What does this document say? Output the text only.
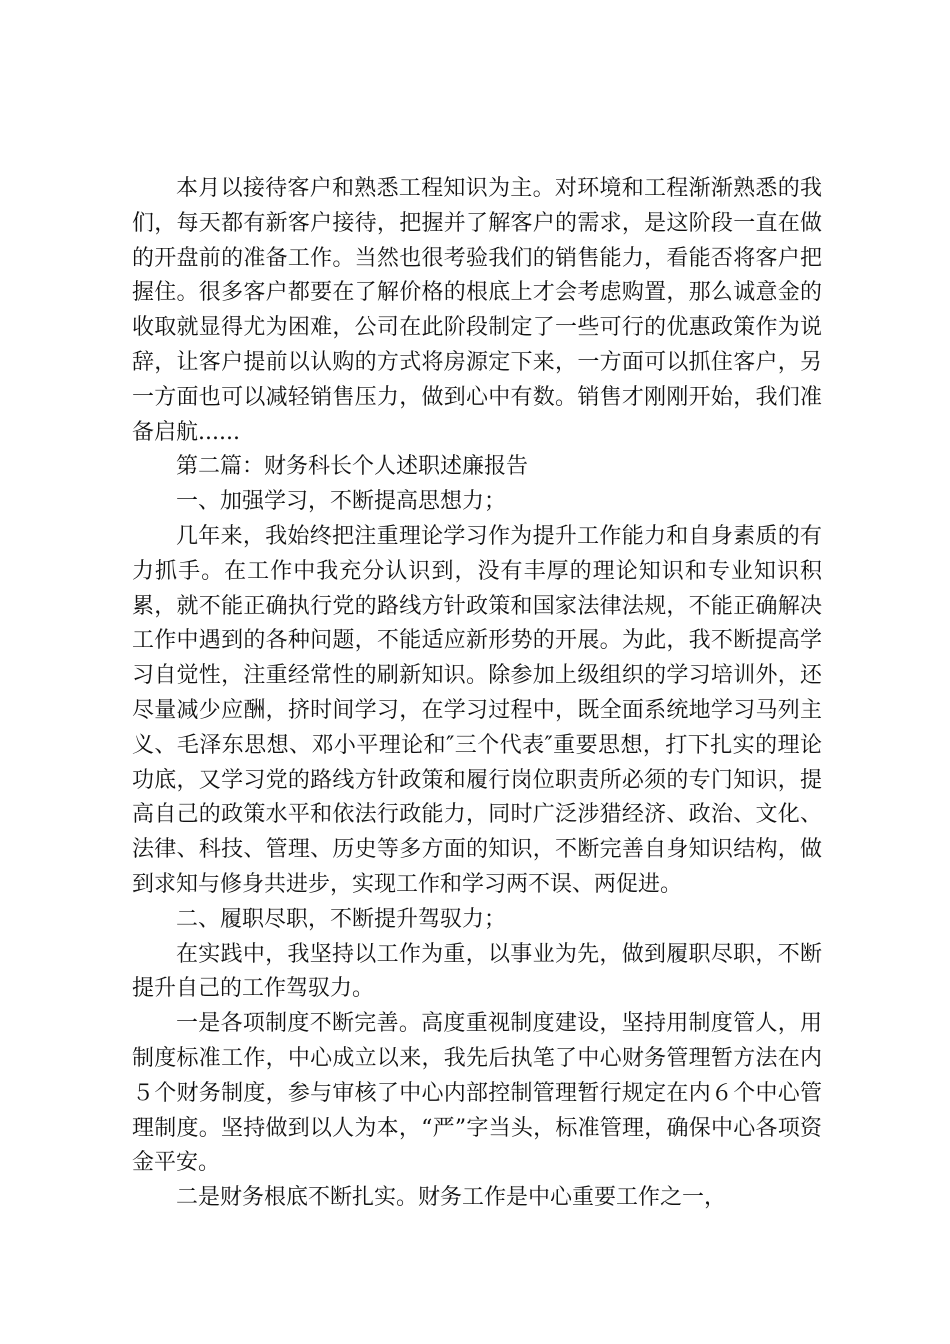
本月以接待客户和熟悉工程知识为主。对环境和工程渐渐熟悉的我们，每天都有新客户接待，把握并了解客户的需求，是这阶段一直在做的开盘前的准备工作。当然也很考验我们的销售能力，看能否将客户把握住。很多客户都要在了解价格的根底上才会考虑购置，那么诚意金的收取就显得尤为困难，公司在此阶段制定了一些可行的优惠政策作为说辞，让客户提前以认购的方式将房源定下来，一方面可以抓住客户，另一方面也可以减轻销售压力，做到心中有数。销售才刚刚开始，我们准备启航......

第二篇：财务科长个人述职述廉报告

一、加强学习，不断提高思想力；

几年来，我始终把注重理论学习作为提升工作能力和自身素质的有力抓手。在工作中我充分认识到，没有丰厚的理论知识和专业知识积累，就不能正确执行党的路线方针政策和国家法律法规，不能正确解决工作中遇到的各种问题，不能适应新形势的开展。为此，我不断提高学习自觉性，注重经常性的刷新知识。除参加上级组织的学习培训外，还尽量减少应酬，挤时间学习，在学习过程中，既全面系统地学习马列主义、毛泽东思想、邓小平理论和″三个代表″重要思想，打下扎实的理论功底，又学习党的路线方针政策和履行岗位职责所必须的专门知识，提高自己的政策水平和依法行政能力，同时广泛涉猎经济、政治、文化、法律、科技、管理、历史等多方面的知识，不断完善自身知识结构，做到求知与修身共进步，实现工作和学习两不误、两促进。

二、履职尽职，不断提升驾驭力；

在实践中，我坚持以工作为重，以事业为先，做到履职尽职，不断提升自己的工作驾驭力。

一是各项制度不断完善。高度重视制度建设，坚持用制度管人，用制度标准工作，中心成立以来，我先后执笔了中心财务管理暂方法在内５个财务制度，参与审核了中心内部控制管理暂行规定在内６个中心管理制度。坚持做到以人为本，“严”字当头，标准管理，确保中心各项资金平安。

二是财务根底不断扎实。财务工作是中心重要工作之一，
